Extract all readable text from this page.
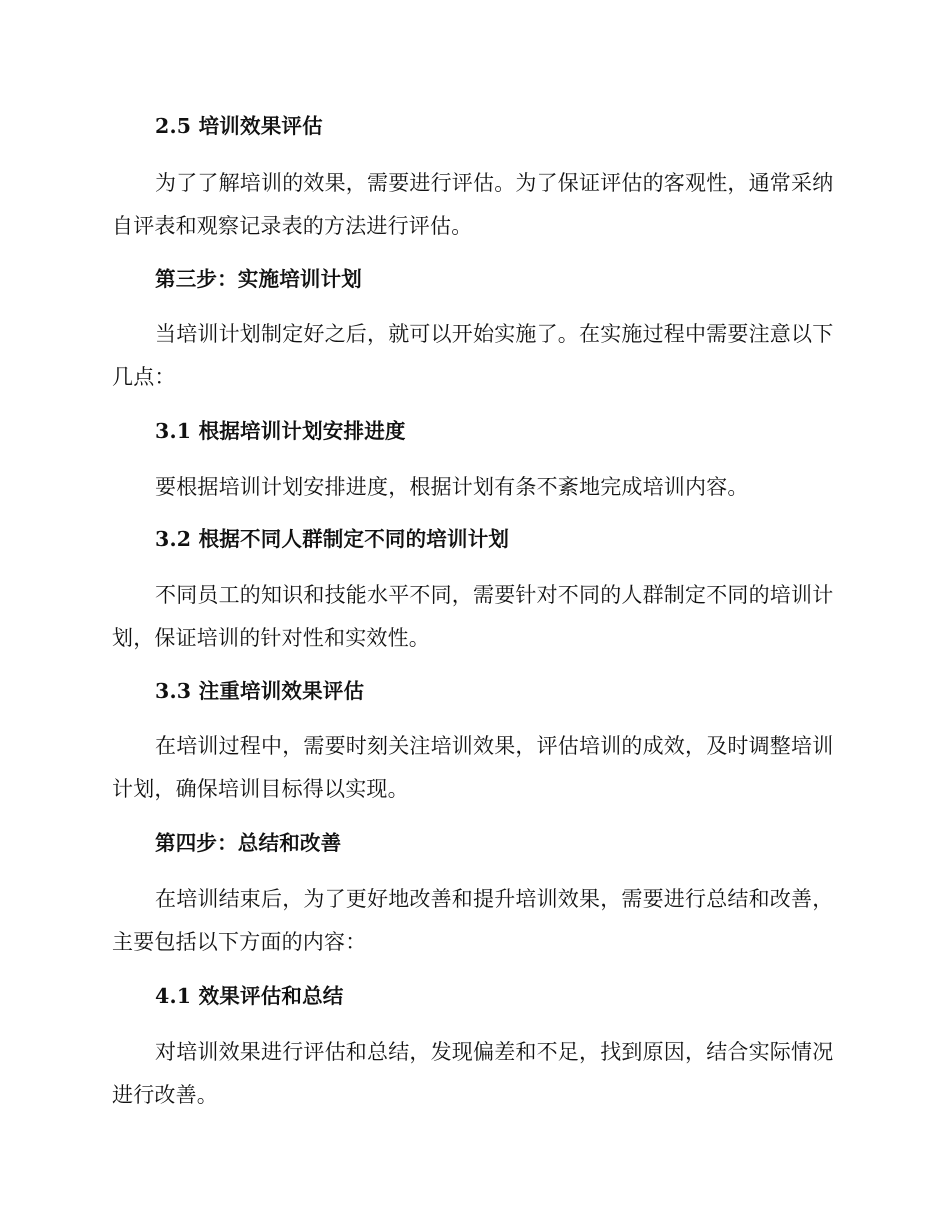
2.5 培训效果评估

为了了解培训的效果，需要进行评估。为了保证评估的客观性，通常采纳自评表和观察记录表的方法进行评估。

第三步：实施培训计划

当培训计划制定好之后，就可以开始实施了。在实施过程中需要注意以下几点：

3.1 根据培训计划安排进度

要根据培训计划安排进度，根据计划有条不紊地完成培训内容。

3.2 根据不同人群制定不同的培训计划

不同员工的知识和技能水平不同，需要针对不同的人群制定不同的培训计划，保证培训的针对性和实效性。

3.3 注重培训效果评估

在培训过程中，需要时刻关注培训效果，评估培训的成效，及时调整培训计划，确保培训目标得以实现。

第四步：总结和改善

在培训结束后，为了更好地改善和提升培训效果，需要进行总结和改善，主要包括以下方面的内容：

4.1 效果评估和总结

对培训效果进行评估和总结，发现偏差和不足，找到原因，结合实际情况进行改善。
